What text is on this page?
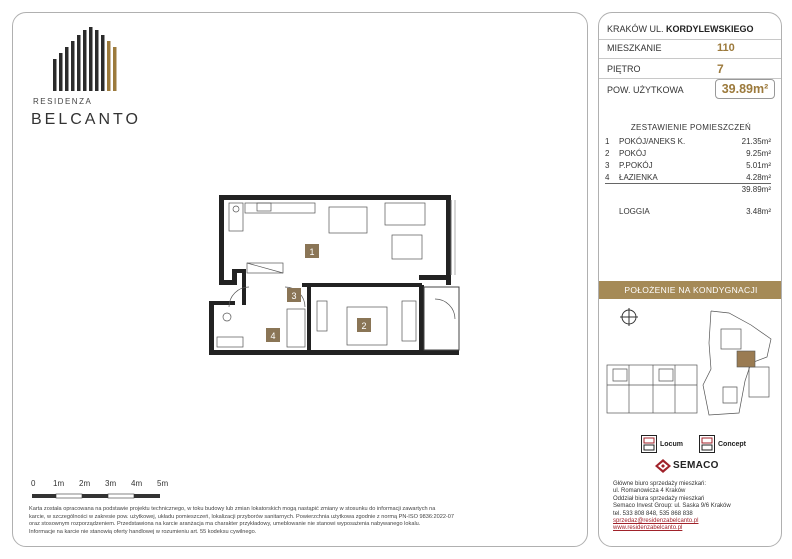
RESIDENZA
BELCANTO
1
2
3
4
0 1m 2m 3m 4m 5m
Karta została opracowana na podstawie projektu technicznego, w toku budowy lub zmian lokatorskich mogą nastąpić zmiany w stosunku do informacji zawartych na
karcie, w szczególności w zakresie pow. użytkowej, układu pomieszczeń, lokalizacji przyborów sanitarnych. Powierzchnia użytkowa zgodnie z normą PN-ISO 9836:2022-07
oraz stosownym rozporządzeniem. Przedstawiona na karcie aranżacja ma charakter przykładowy, umeblowanie nie stanowi wyposażenia nabywanego lokalu.
Informacje na karcie nie stanowią oferty handlowej w rozumieniu art. 55 kodeksu cywilnego.
KRAKÓW UL. KORDYLEWSKIEGO
MIESZKANIE	110
PIĘTRO	7
POW. UŻYTKOWA	39.89m²
ZESTAWIENIE POMIESZCZEŃ
1 POKÓJ/ANEKS K.	21.35m²
2 POKÓJ	9.25m²
3 P.POKÓJ	5.01m²
4 ŁAZIENKA	4.28m²
39.89m²
LOGGIA	3.48m²
POŁOŻENIE NA KONDYGNACJI
Locum	Concept
SEMACO
Główne biuro sprzedaży mieszkań:
ul. Romanowicza 4 Kraków
Oddział biura sprzedaży mieszkań
Semaco Invest Group: ul. Saska 9/6 Kraków
tel. 533 808 848, 535 868 838
sprzedaz@residenzabelcanto.pl
www.residenzabelcanto.pl
